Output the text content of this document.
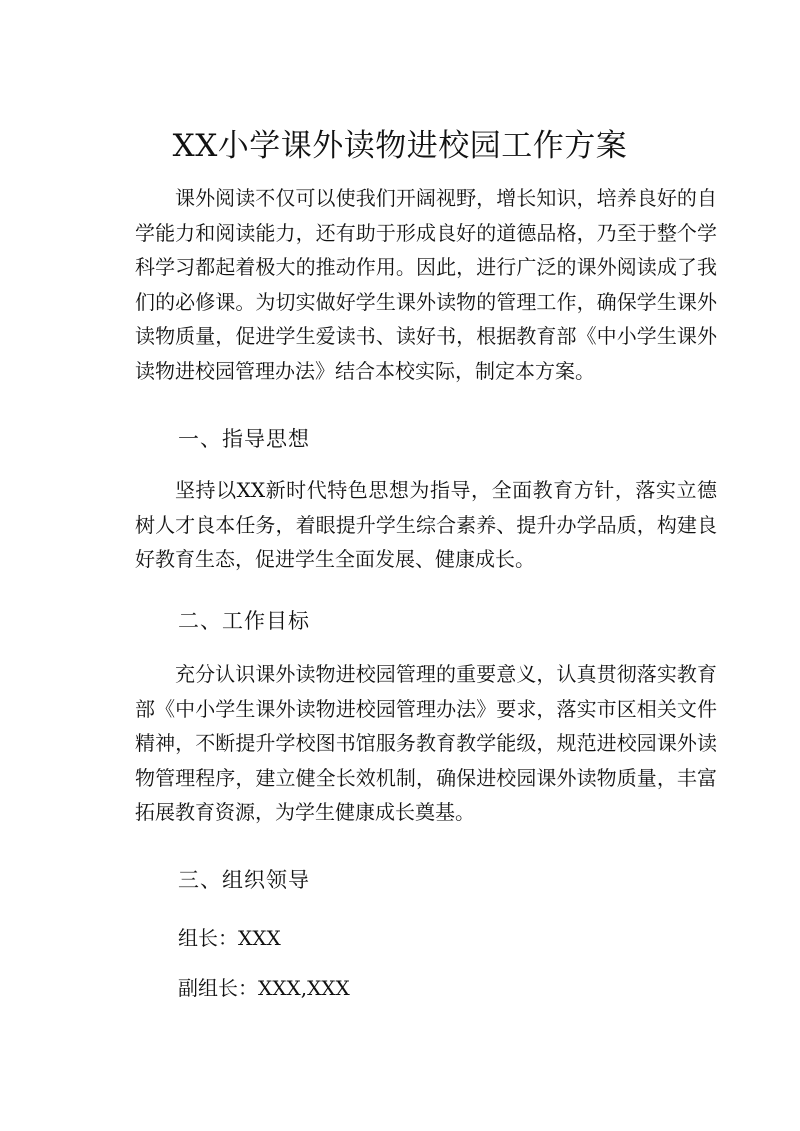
XX小学课外读物进校园工作方案

课外阅读不仅可以使我们开阔视野，增长知识，培养良好的自学能力和阅读能力，还有助于形成良好的道德品格，乃至于整个学科学习都起着极大的推动作用。因此，进行广泛的课外阅读成了我们的必修课。为切实做好学生课外读物的管理工作，确保学生课外读物质量，促进学生爱读书、读好书，根据教育部《中小学生课外读物进校园管理办法》结合本校实际，制定本方案。

一、指导思想

坚持以XX新时代特色思想为指导，全面教育方针，落实立德树人才良本任务，着眼提升学生综合素养、提升办学品质，构建良好教育生态，促进学生全面发展、健康成长。

二、工作目标

充分认识课外读物进校园管理的重要意义，认真贯彻落实教育部《中小学生课外读物进校园管理办法》要求，落实市区相关文件精神，不断提升学校图书馆服务教育教学能级，规范进校园课外读物管理程序，建立健全长效机制，确保进校园课外读物质量，丰富拓展教育资源，为学生健康成长奠基。

三、组织领导
组长：XXX
副组长：XXX,XXX
